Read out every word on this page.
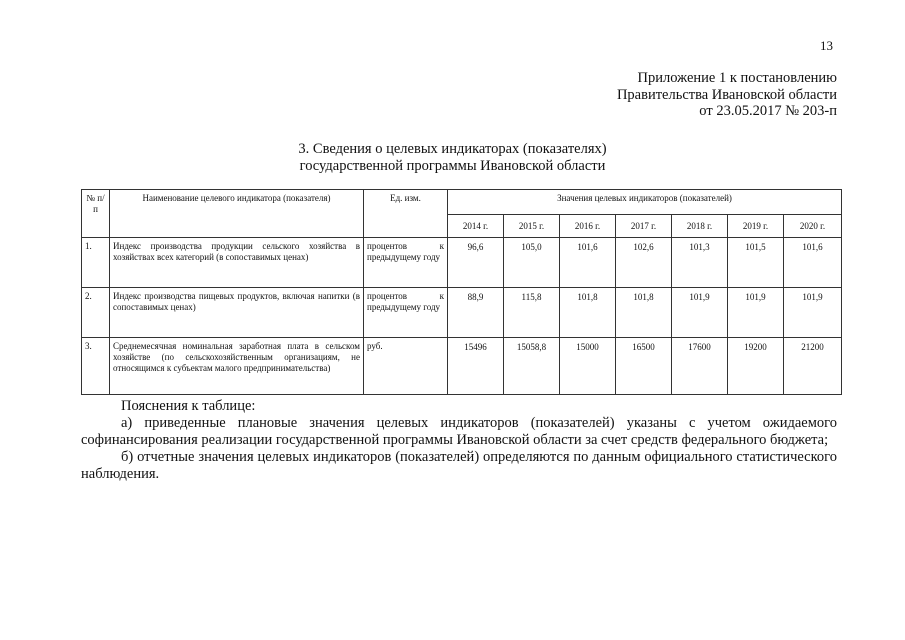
13
Приложение 1 к постановлению
Правительства Ивановской области
от 23.05.2017 № 203-п
3. Сведения о целевых индикаторах (показателях)
государственной программы Ивановской области
№ п/п	Наименование целевого индикатора (показателя)	Ед. изм.	Значения целевых индикаторов (показателей)						
			2014 г.	2015 г.	2016 г.	2017 г.	2018 г.	2019 г.	2020 г.
1.	Индекс производства продукции сельского хозяйства в хозяйствах всех категорий (в сопоставимых ценах)	процентов к

предыдущему году	96,6	105,0	101,6	102,6	101,3	101,5	101,6
2.	Индекс производства пищевых продуктов, включая напитки (в сопоставимых ценах)	процентов к

предыдущему году	88,9	115,8	101,8	101,8	101,9	101,9	101,9
3.	Среднемесячная номинальная заработная плата в сельском хозяйстве (по сельскохозяйственным организациям, не относящимся к субъектам малого предпринимательства)	руб.	15496	15058,8	15000	16500	17600	19200	21200

Пояснения к таблице:

а) приведенные плановые значения целевых индикаторов (показателей) указаны с учетом ожидаемого софинансирования реализации государственной программы Ивановской области за счет средств федерального бюджета;

б) отчетные значения целевых индикаторов (показателей) определяются по данным официального статистического наблюдения.
